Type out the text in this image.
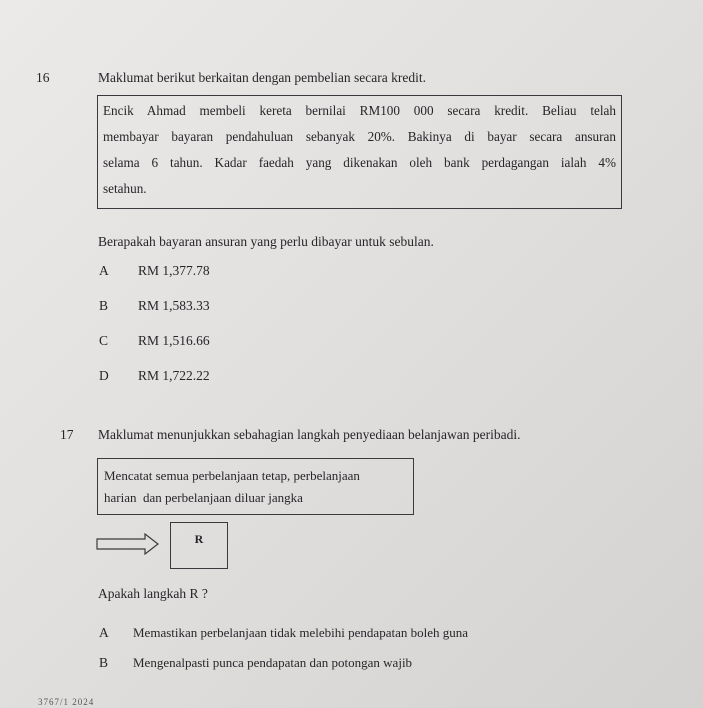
16	Maklumat berikut berkaitan dengan pembelian secara kredit.
Encik Ahmad membeli kereta bernilai RM100 000 secara kredit. Beliau telah
membayar bayaran pendahuluan sebanyak 20%. Bakinya di bayar secara ansuran
selama 6 tahun. Kadar faedah yang dikenakan oleh bank perdagangan ialah 4%
setahun.
Berapakah bayaran ansuran yang perlu dibayar untuk sebulan.
A RM 1,377.78
B RM 1,583.33
C RM 1,516.66
D RM 1,722.22
17 Maklumat menunjukkan sebahagian langkah penyediaan belanjawan peribadi.
Mencatat semua perbelanjaan tetap, perbelanjaan
harian  dan perbelanjaan diluar jangka
R
Apakah langkah R ?
A Memastikan perbelanjaan tidak melebihi pendapatan boleh guna
B Mengenalpasti punca pendapatan dan potongan wajib
3767/1 2024
